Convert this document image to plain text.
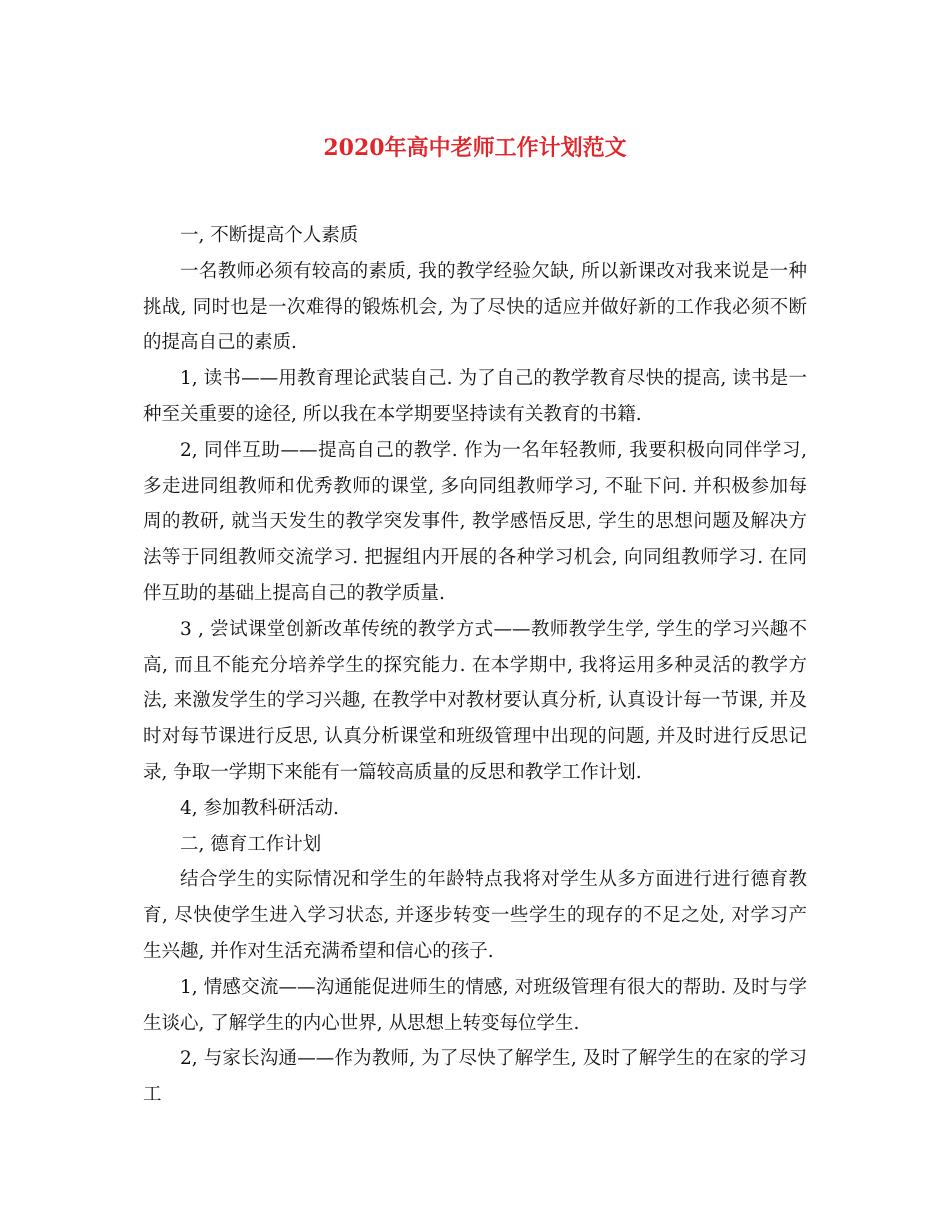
2020年高中老师工作计划范文

一, 不断提高个人素质

一名教师必须有较高的素质, 我的教学经验欠缺, 所以新课改对我来说是一种挑战, 同时也是一次难得的锻炼机会, 为了尽快的适应并做好新的工作我必须不断的提高自己的素质.

1, 读书——用教育理论武装自己. 为了自己的教学教育尽快的提高, 读书是一种至关重要的途径, 所以我在本学期要坚持读有关教育的书籍.

2, 同伴互助——提高自己的教学. 作为一名年轻教师, 我要积极向同伴学习, 多走进同组教师和优秀教师的课堂, 多向同组教师学习, 不耻下问. 并积极参加每周的教研, 就当天发生的教学突发事件, 教学感悟反思, 学生的思想问题及解决方法等于同组教师交流学习. 把握组内开展的各种学习机会, 向同组教师学习. 在同伴互助的基础上提高自己的教学质量.

3 , 尝试课堂创新改革传统的教学方式——教师教学生学, 学生的学习兴趣不高, 而且不能充分培养学生的探究能力. 在本学期中, 我将运用多种灵活的教学方法, 来激发学生的学习兴趣, 在教学中对教材要认真分析, 认真设计每一节课, 并及时对每节课进行反思, 认真分析课堂和班级管理中出现的问题, 并及时进行反思记录, 争取一学期下来能有一篇较高质量的反思和教学工作计划.

4, 参加教科研活动.

二, 德育工作计划

结合学生的实际情况和学生的年龄特点我将对学生从多方面进行进行德育教育, 尽快使学生进入学习状态, 并逐步转变一些学生的现存的不足之处, 对学习产生兴趣, 并作对生活充满希望和信心的孩子.

1, 情感交流——沟通能促进师生的情感, 对班级管理有很大的帮助. 及时与学生谈心, 了解学生的内心世界, 从思想上转变每位学生.

2, 与家长沟通——作为教师, 为了尽快了解学生, 及时了解学生的在家的学习工
